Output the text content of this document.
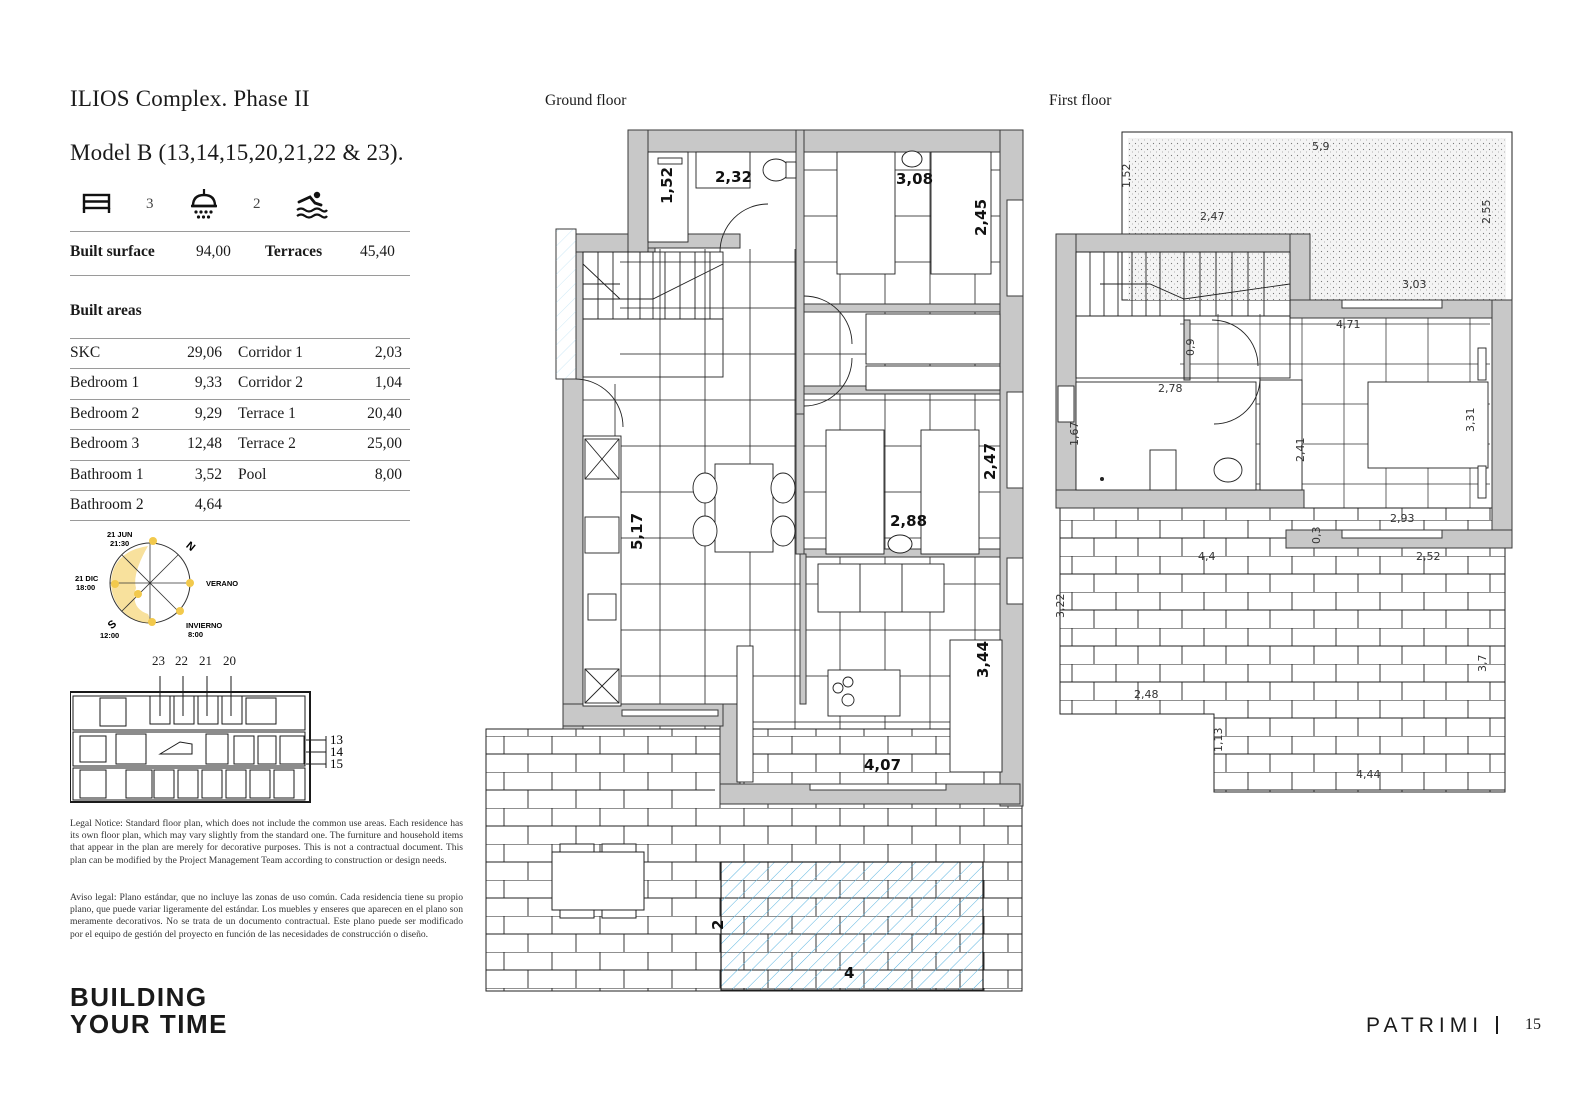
ILIOS Complex. Phase II
Model B (13,14,15,20,21,22 & 23).
3	2
Built surface	94,00 Terraces 45,40
Built areas
SKC	29,06 Corridor 1	2,03
Bedroom 1	9,33 Corridor 2	1,04
Bedroom 2	9,29 Terrace 1	20,40
Bedroom 3	12,48 Terrace 2	25,00
Bathroom 1	3,52 Pool	8,00
Bathroom 2	4,64
21 JUN
21:30
21 DIC
18:00	VERANO
INVIERNO
8:00
S
12:00
N
23 22 21 20
13
14
15
Legal Notice: Standard floor plan, which does not include the common use areas. Each residence has its own floor plan, which may vary slightly from the standard one. The furniture and household items that appear in the plan are merely for decorative purposes. This is not a contractual document. This plan can be modified by the Project Management Team according to construction or design needs.
Aviso legal: Plano estándar, que no incluye las zonas de uso común. Cada residencia tiene su propio plano, que puede variar ligeramente del estándar. Los muebles y enseres que aparecen en el plano son meramente decorativos. No se trata de un documento contractual. Este plano puede ser modificado por el equipo de gestión del proyecto en función de las necesidades de construcción o diseño.
BUILDING
YOUR TIME
Ground floor	First floor
1,52	2,32	3,08
2,45
5,17
2,47
2,88
3,44
4,07
2
4
5,9
1,52
2,47	2,55
3,03
4,71
0,9
2,78
1,67
2,41
3,31
2,93
0,3
2,52
4,4
3,22
3,7
2,48
1,13
4,44
PATRIMI	15
